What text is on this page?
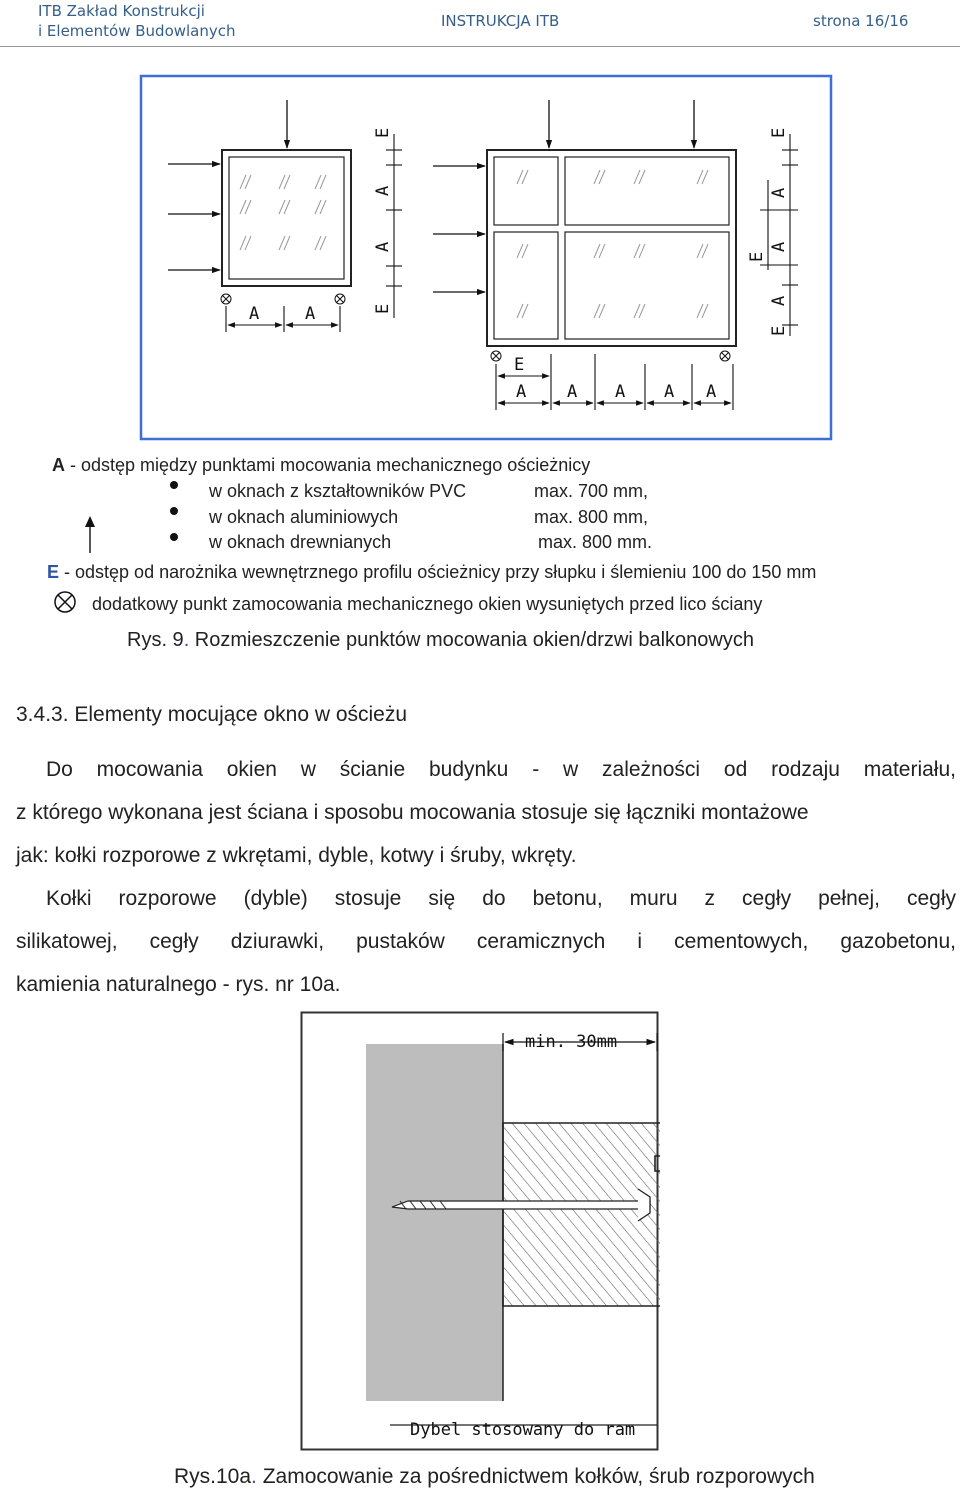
ITB Zakład Konstrukcji
i Elementów Budowlanych
INSTRUKCJA ITB	strona 16/16
A	A
E
A
A
E
E
A A A A A
E
A
A
E
A
E
A - odstęp między punktami mocowania mechanicznego ościeżnicy
w oknach z kształtowników PVC	max. 700 mm,
w oknach aluminiowych	max. 800 mm,
w oknach drewnianych	max. 800 mm.
E - odstęp od narożnika wewnętrznego profilu ościeżnicy przy słupku i ślemieniu 100 do 150 mm
dodatkowy punkt zamocowania mechanicznego okien wysuniętych przed lico ściany
Rys. 9. Rozmieszczenie punktów mocowania okien/drzwi balkonowych
3.4.3. Elementy mocujące okno w ościeżu
Do mocowania okien w ścianie budynku - w zależności od rodzaju materiału,
z którego wykonana jest ściana i sposobu mocowania stosuje się łączniki montażowe
jak: kołki rozporowe z wkrętami, dyble, kotwy i śruby, wkręty.
Kołki rozporowe (dyble) stosuje się do betonu, muru z cegły pełnej, cegły
silikatowej, cegły dziurawki, pustaków ceramicznych i cementowych, gazobetonu,
kamienia naturalnego - rys. nr 10a.
min. 30mm
Dybel stosowany do ram
Rys.10a. Zamocowanie za pośrednictwem kołków, śrub rozporowych
